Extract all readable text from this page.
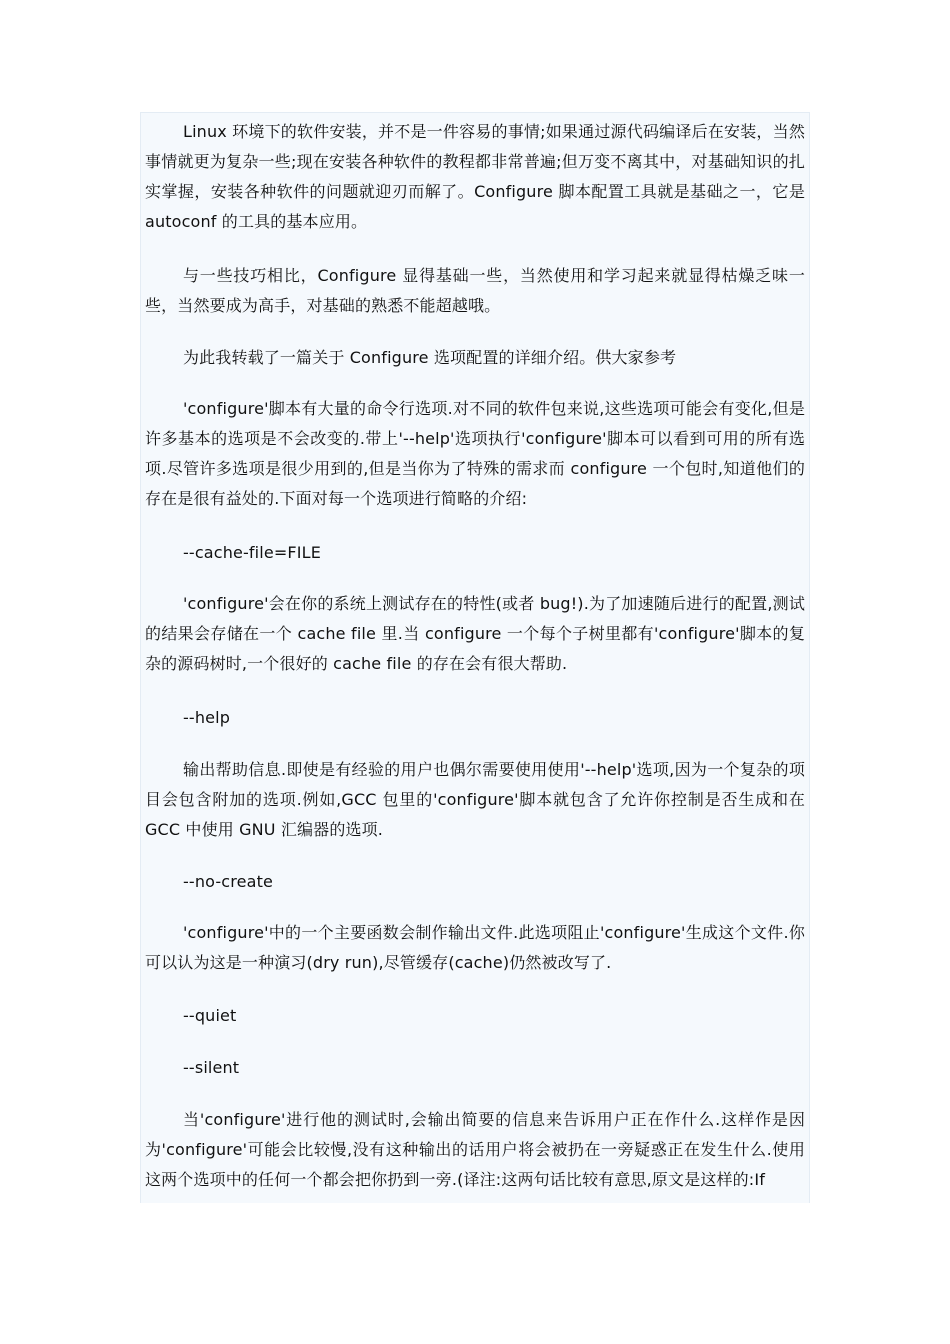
Linux 环境下的软件安装，并不是一件容易的事情;如果通过源代码编译后在安装，当然事情就更为复杂一些;现在安装各种软件的教程都非常普遍;但万变不离其中，对基础知识的扎实掌握，安装各种软件的问题就迎刃而解了。Configure 脚本配置工具就是基础之一，它是 autoconf 的工具的基本应用。

与一些技巧相比，Configure 显得基础一些，当然使用和学习起来就显得枯燥乏味一些，当然要成为高手，对基础的熟悉不能超越哦。

为此我转载了一篇关于 Configure 选项配置的详细介绍。供大家参考

'configure'脚本有大量的命令行选项.对不同的软件包来说,这些选项可能会有变化,但是许多基本的选项是不会改变的.带上'--help'选项执行'configure'脚本可以看到可用的所有选项.尽管许多选项是很少用到的,但是当你为了特殊的需求而 configure 一个包时,知道他们的存在是很有益处的.下面对每一个选项进行简略的介绍:

--cache-file=FILE

'configure'会在你的系统上测试存在的特性(或者 bug!).为了加速随后进行的配置,测试的结果会存储在一个 cache file 里.当 configure 一个每个子树里都有'configure'脚本的复杂的源码树时,一个很好的 cache file 的存在会有很大帮助.

--help

输出帮助信息.即使是有经验的用户也偶尔需要使用使用'--help'选项,因为一个复杂的项目会包含附加的选项.例如,GCC 包里的'configure'脚本就包含了允许你控制是否生成和在 GCC 中使用 GNU 汇编器的选项.

--no-create

'configure'中的一个主要函数会制作输出文件.此选项阻止'configure'生成这个文件.你可以认为这是一种演习(dry run),尽管缓存(cache)仍然被改写了.

--quiet

--silent

当'configure'进行他的测试时,会输出简要的信息来告诉用户正在作什么.这样作是因为'configure'可能会比较慢,没有这种输出的话用户将会被扔在一旁疑惑正在发生什么.使用这两个选项中的任何一个都会把你扔到一旁.(译注:这两句话比较有意思,原文是这样的:If
